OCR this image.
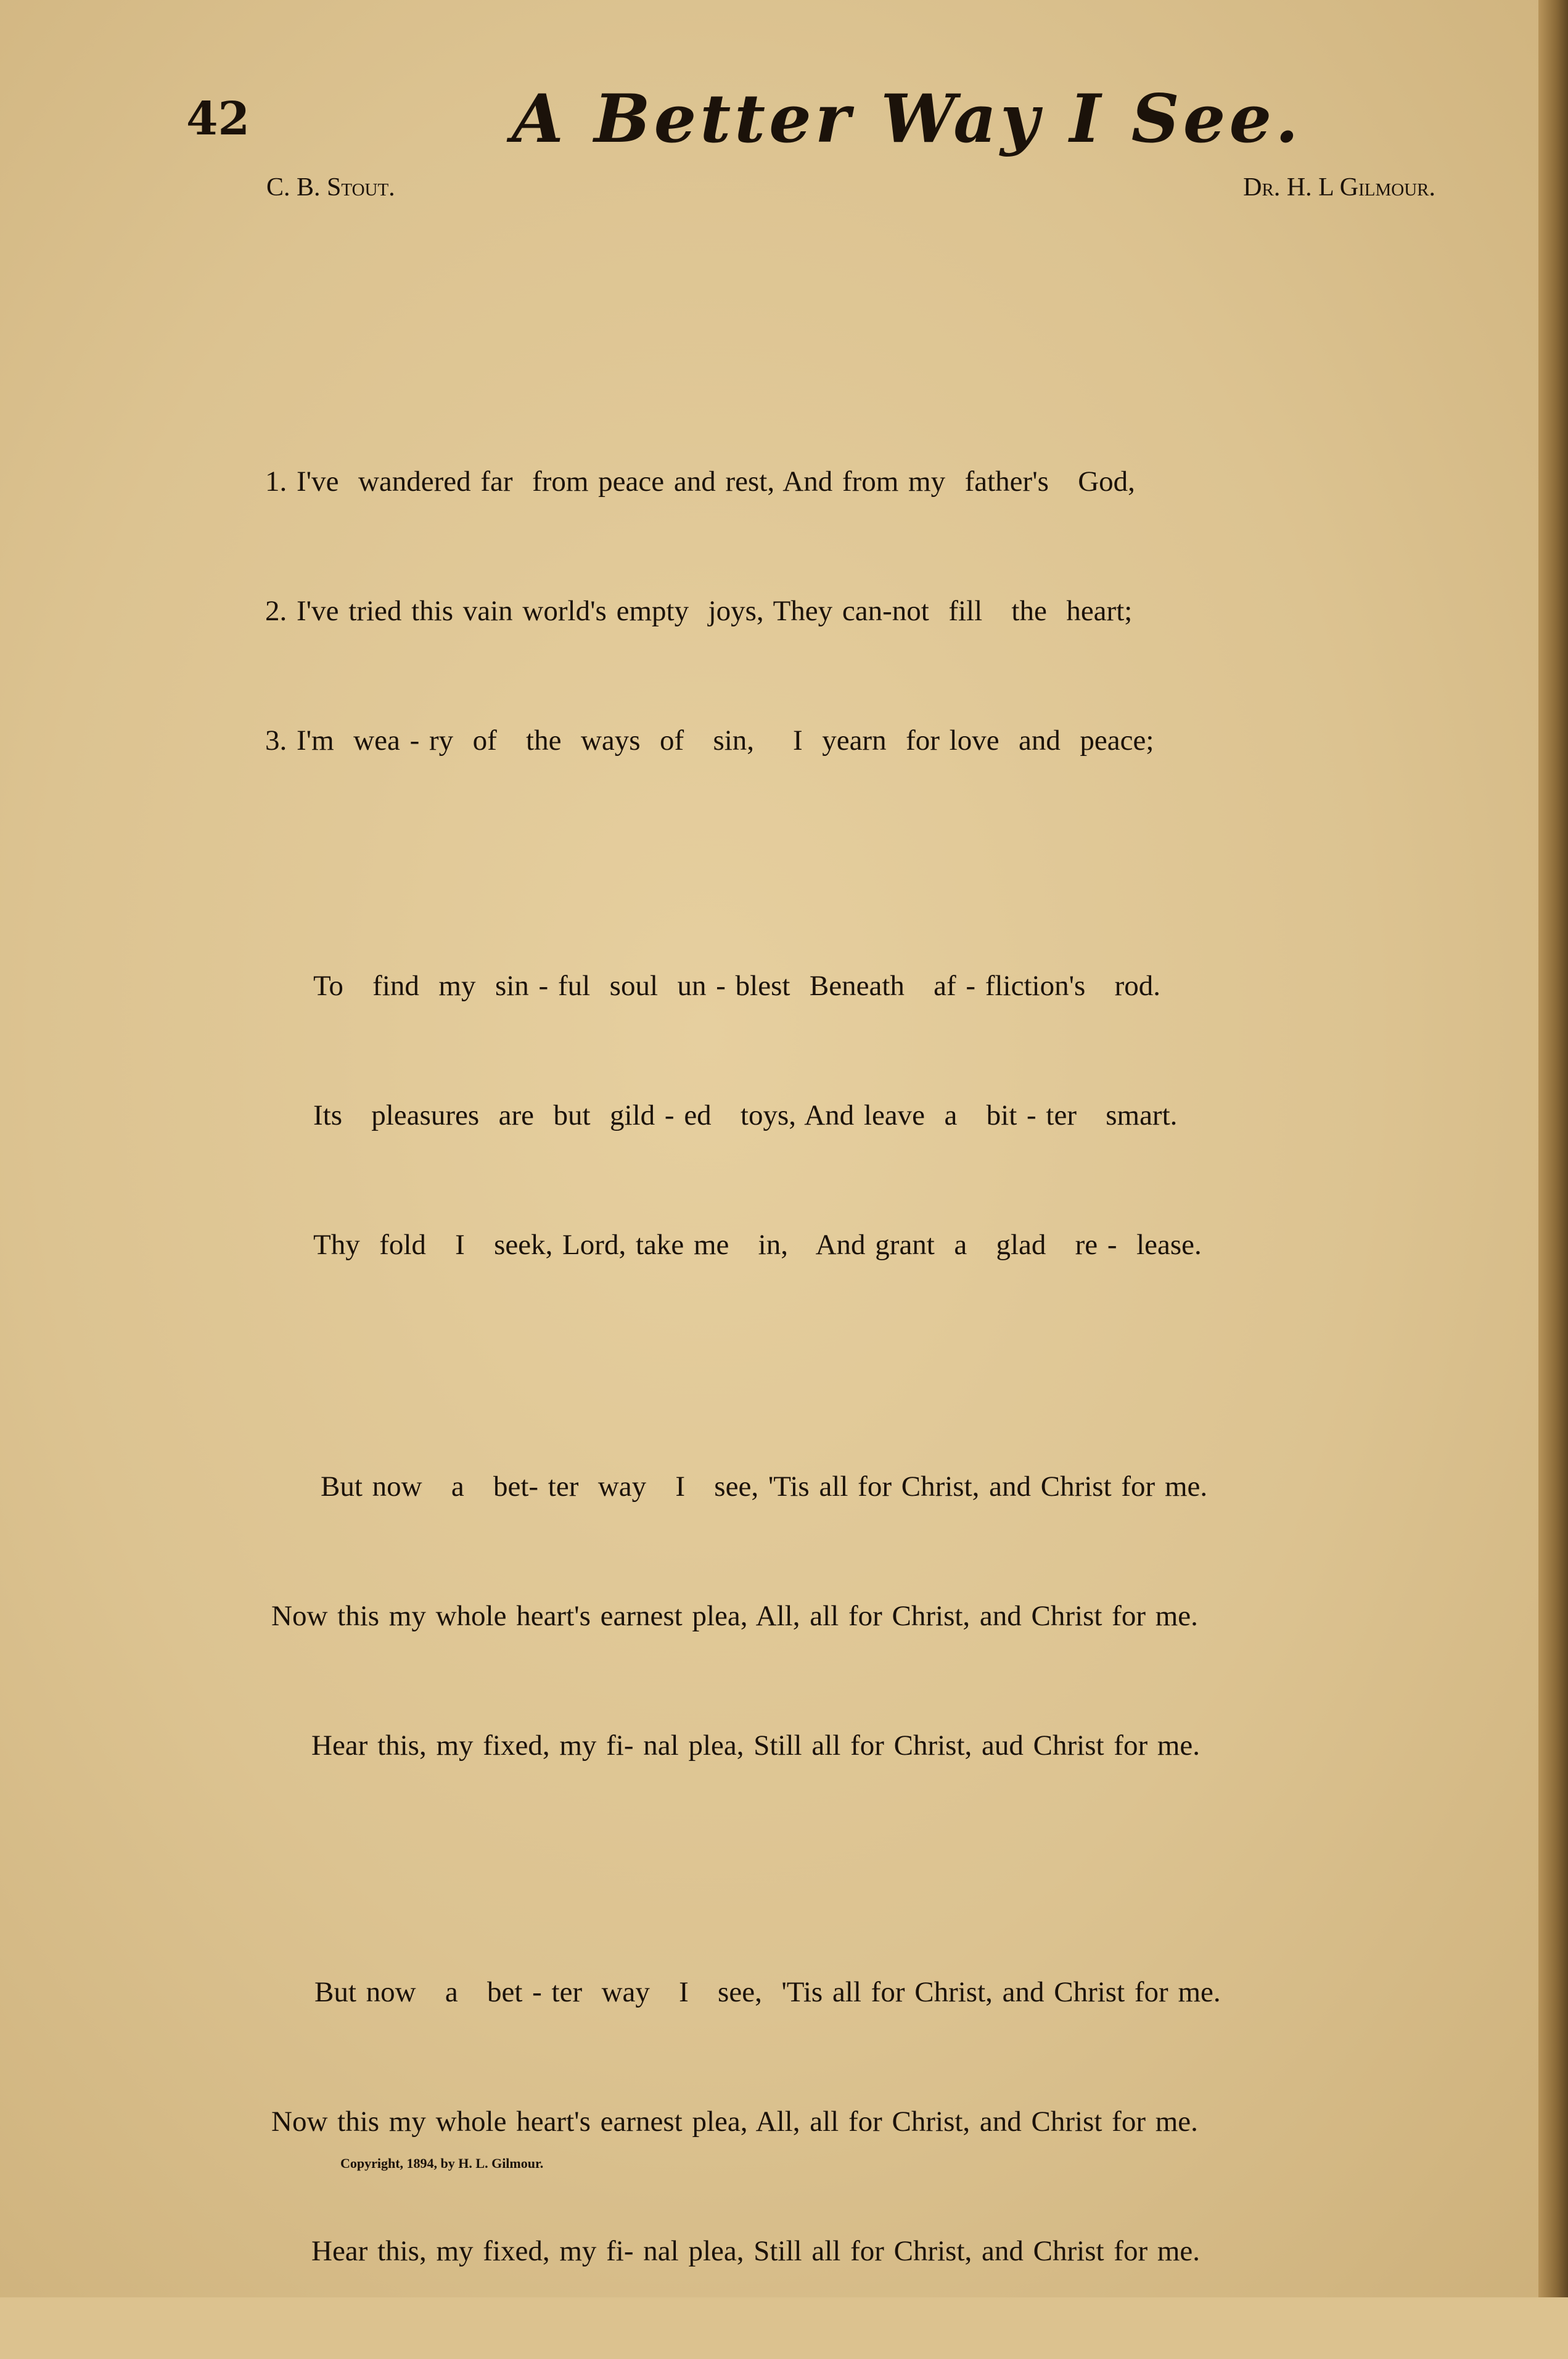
42	A Better Way I See.
C. B. Stout.	Dr. H. L Gilmour.

1. I've  wandered far  from peace and rest, And from my  father's   God,

2. I've tried this vain world's empty  joys, They can-not  fill   the  heart;

3. I'm  wea - ry  of   the  ways  of   sin,    I  yearn  for love  and  peace;

To   find  my  sin - ful  soul  un - blest  Beneath   af - fliction's   rod.

Its   pleasures  are  but  gild - ed   toys, And leave  a   bit - ter   smart.

Thy  fold   I   seek, Lord, take me   in,   And grant  a   glad   re -  lease.

But now   a   bet- ter  way   I   see, 'Tis all for Christ, and Christ for me.

Now this my whole heart's earnest plea, All, all for Christ, and Christ for me.

Hear this, my fixed, my fi- nal plea, Still all for Christ, aud Christ for me.

But now   a   bet - ter  way   I   see,  'Tis all for Christ, and Christ for me.

Now this my whole heart's earnest plea, All, all for Christ, and Christ for me.

Hear this, my fixed, my fi- nal plea, Still all for Christ, and Christ for me.

Copyright, 1894, by H. L. Gilmour.
